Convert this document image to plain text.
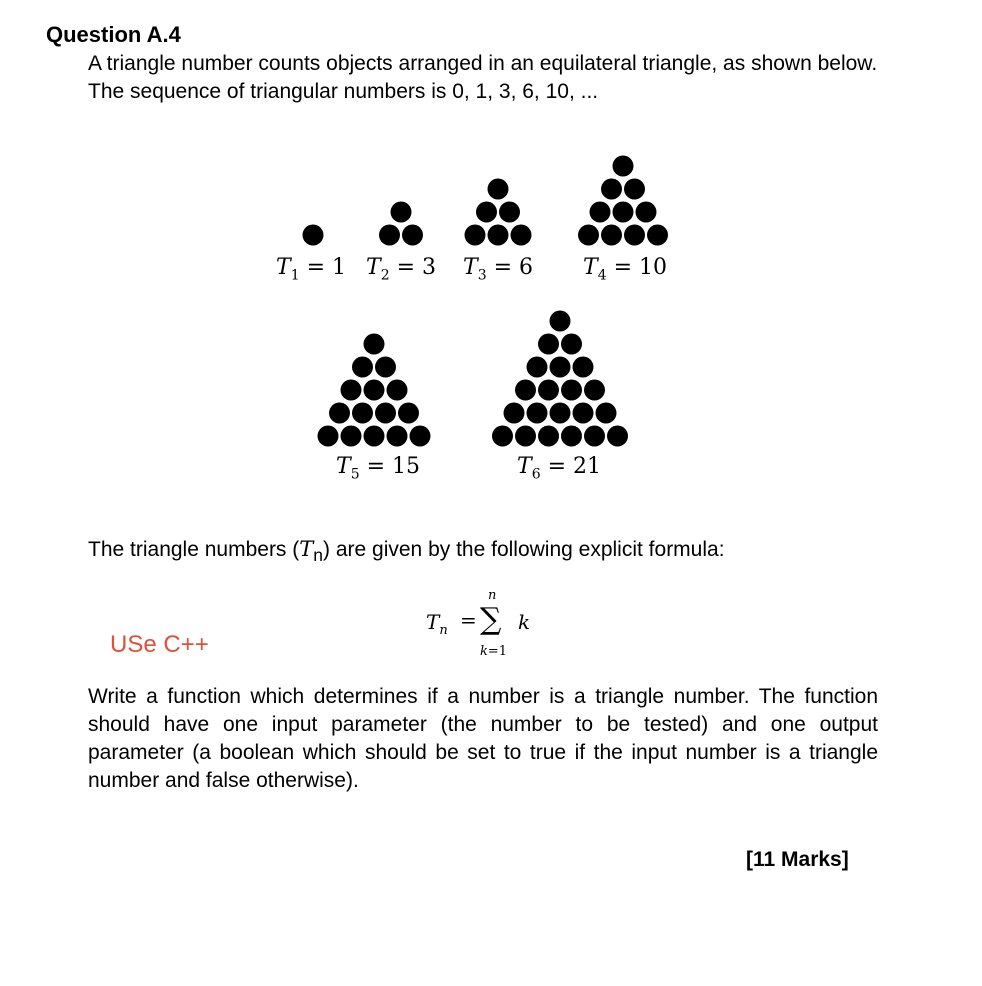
Question A.4
A triangle number counts objects arranged in an equilateral triangle, as shown below. The sequence of triangular numbers is 0, 1, 3, 6, 10, ...
$T_1 = 1$ $T_2 = 3$ $T_3 = 6$ $T_4 = 10$
$T_5 = 15$	$T_6 = 21$
The triangle numbers $(T_n)$ are given by the following explicit formula:
$T_n$ =
n
∑
k=1
k
USe C++
Write a function which determines if a number is a triangle number. The function should have one input parameter (the number to be tested) and one output parameter (a boolean which should be set to true if the input number is a triangle number and false otherwise).
[11 Marks]
